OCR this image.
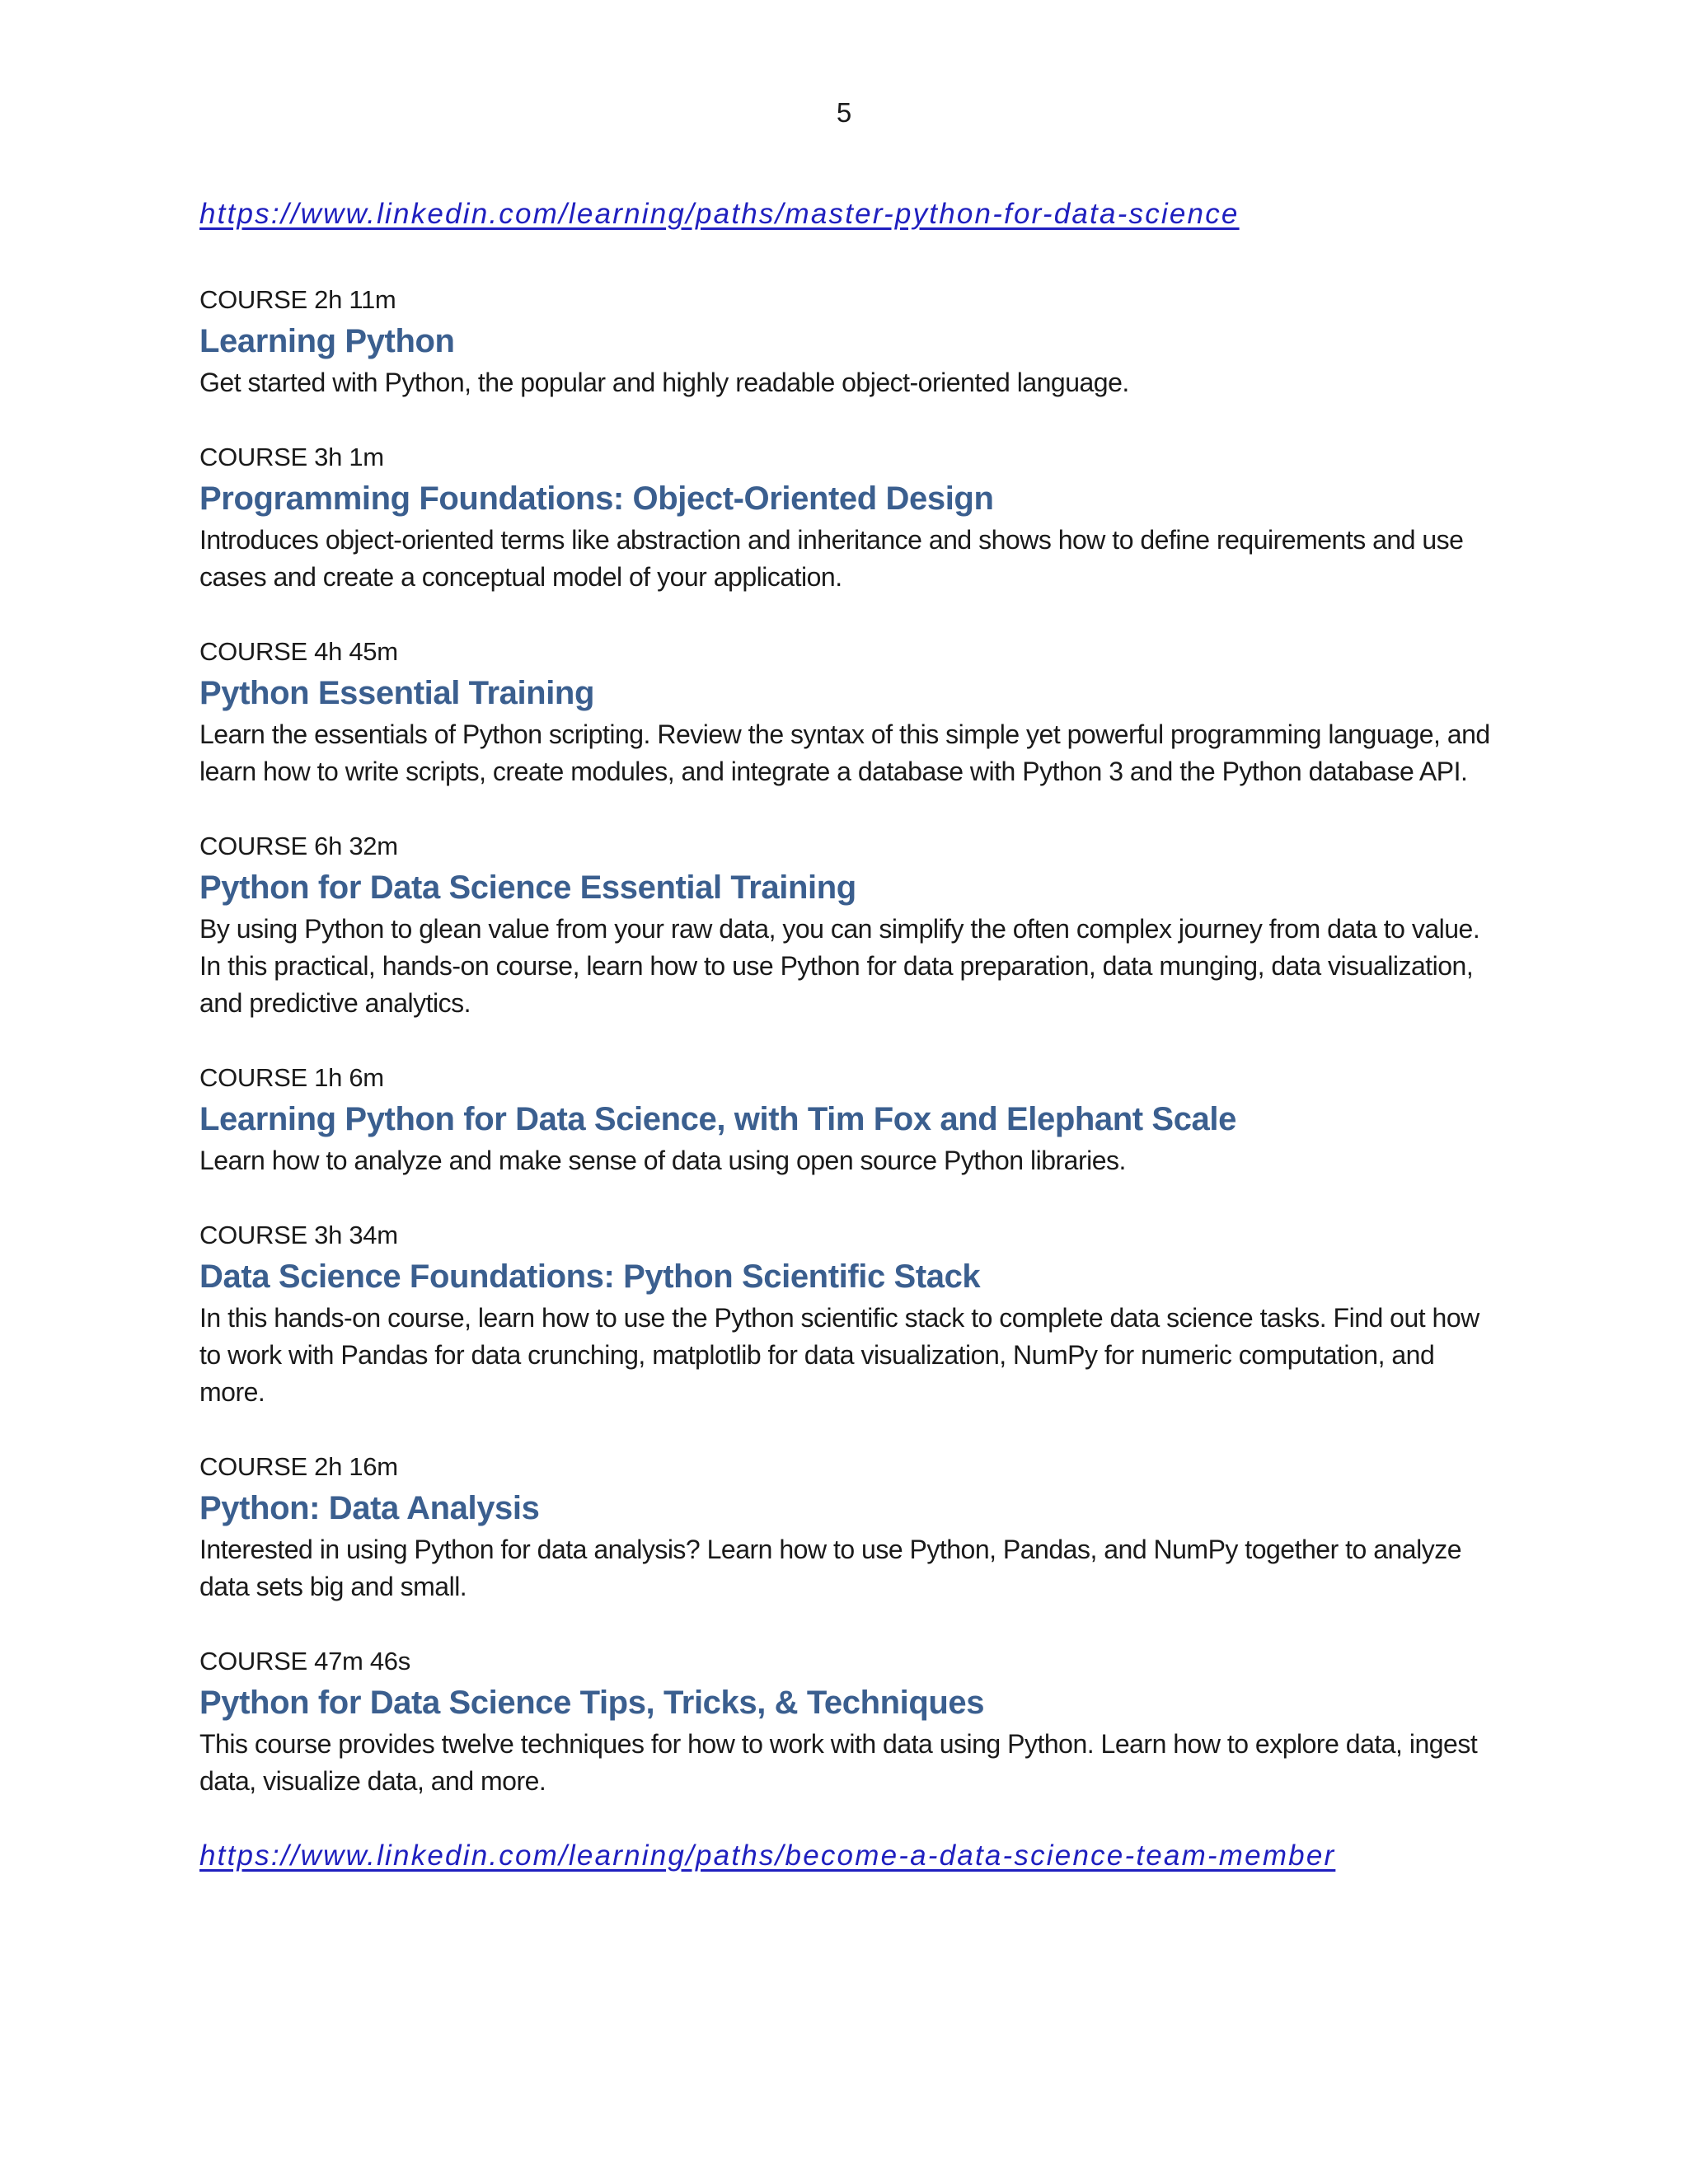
5
https://www.linkedin.com/learning/paths/master-python-for-data-science
COURSE 2h 11m
Learning Python
Get started with Python, the popular and highly readable object-oriented language.
COURSE 3h 1m
Programming Foundations: Object-Oriented Design
Introduces object-oriented terms like abstraction and inheritance and shows how to define requirements and use cases and create a conceptual model of your application.
COURSE 4h 45m
Python Essential Training
Learn the essentials of Python scripting. Review the syntax of this simple yet powerful programming language, and learn how to write scripts, create modules, and integrate a database with Python 3 and the Python database API.
COURSE 6h 32m
Python for Data Science Essential Training
By using Python to glean value from your raw data, you can simplify the often complex journey from data to value. In this practical, hands-on course, learn how to use Python for data preparation, data munging, data visualization, and predictive analytics.
COURSE 1h 6m
Learning Python for Data Science, with Tim Fox and Elephant Scale
Learn how to analyze and make sense of data using open source Python libraries.
COURSE 3h 34m
Data Science Foundations: Python Scientific Stack
In this hands-on course, learn how to use the Python scientific stack to complete data science tasks. Find out how to work with Pandas for data crunching, matplotlib for data visualization, NumPy for numeric computation, and more.
COURSE 2h 16m
Python: Data Analysis
Interested in using Python for data analysis? Learn how to use Python, Pandas, and NumPy together to analyze data sets big and small.
COURSE 47m 46s
Python for Data Science Tips, Tricks, & Techniques
This course provides twelve techniques for how to work with data using Python. Learn how to explore data, ingest data, visualize data, and more.
https://www.linkedin.com/learning/paths/become-a-data-science-team-member
